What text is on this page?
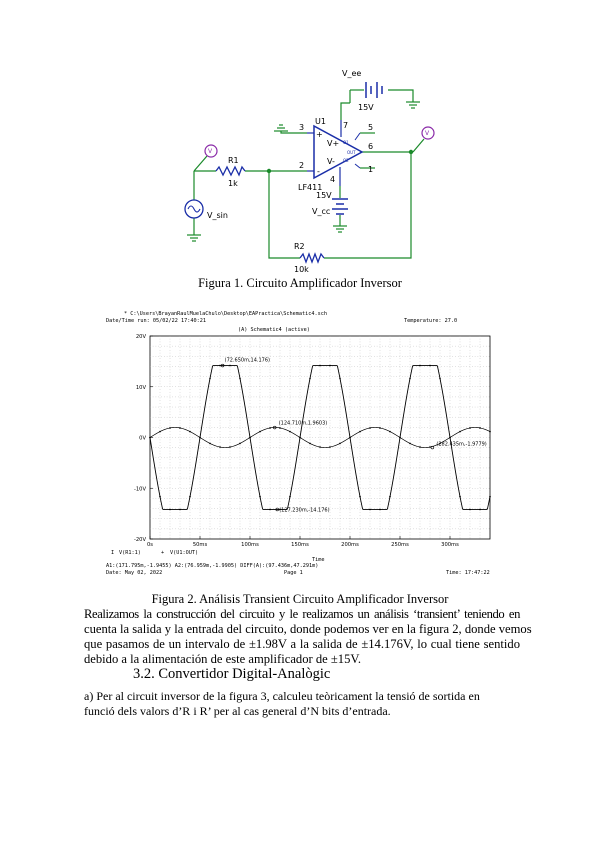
V_ee
15V
U1
3
2
7 5
6
1
4
V+
V-
+
-
LF411
15V
V_cc
R1
1k
R2
10k
V_sin
OUT
O1
O2
V
V
Figura 1. Circuito Amplificador Inversor
* C:\Users\BrayanRaulMuelaChulo\Desktop\EAPractica\Schematic4.sch
Date/Time run: 05/02/22 17:40:21	Temperature: 27.0
(A) Schematic4 (active)
20V
10V
0V
-10V
-20V
0s	50ms	100ms	150ms	200ms	250ms	300ms
(72.650m,14.176)
(124.710m,1.9603)
(282.435m,-1.9779)
(127.230m,-14.176)
Time
I V(R1:1)	+ V(U1:OUT)
A1:(171.795m,-1.9455) A2:(76.959m,-1.9905) DIFF(A):(97.436m,47.291m)
Date: May 02, 2022	Page 1	Time: 17:47:22
Figura 2. Análisis Transient Circuito Amplificador Inversor
Realizamos la construcción del circuito y le realizamos un análisis ‘transient’ teniendo en
cuenta la salida y la entrada del circuito, donde podemos ver en la figura 2, donde vemos
que pasamos de un intervalo de ±1.98V a la salida de ±14.176V, lo cual tiene sentido
debido a la alimentación de este amplificador de ±15V.
3.2. Convertidor Digital-Analògic
a) Per al circuit inversor de la figura 3, calculeu teòricament la tensió de sortida en
funció dels valors d’R i R’ per al cas general d’N bits d’entrada.
